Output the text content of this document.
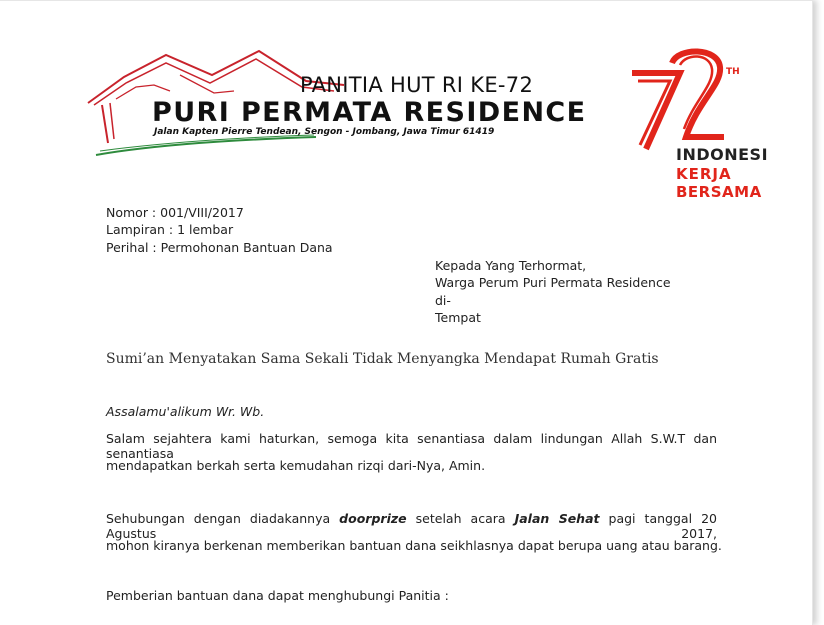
PANITIA HUT RI KE-72
PURI PERMATA RESIDENCE
Jalan Kapten Pierre Tendean, Sengon - Jombang, Jawa Timur 61419
TH
INDONESI
KERJA
BERSAMA
Nomor : 001/VIII/2017
Lampiran : 1 lembar
Perihal : Permohonan Bantuan Dana
Kepada Yang Terhormat,
Warga Perum Puri Permata Residence
di-
Tempat
Sumi’an Menyatakan Sama Sekali Tidak Menyangka Mendapat Rumah Gratis
Assalamu'alikum Wr. Wb.
Salam sejahtera kami haturkan, semoga kita senantiasa dalam lindungan Allah S.W.T dan senantiasa
mendapatkan berkah serta kemudahan rizqi dari-Nya, Amin.
Sehubungan dengan diadakannya doorprize setelah acara Jalan Sehat pagi tanggal 20 Agustus 2017,
mohon kiranya berkenan memberikan bantuan dana seikhlasnya dapat berupa uang atau barang.
Pemberian bantuan dana dapat menghubungi Panitia :
